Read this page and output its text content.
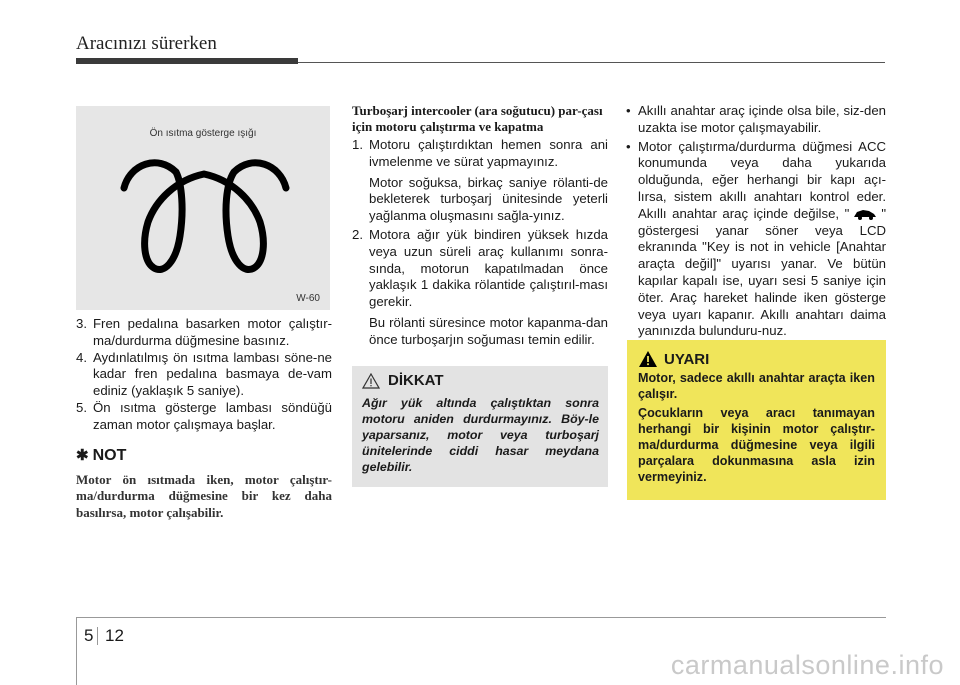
Aracınızı sürerken
Ön ısıtma gösterge ışığı
W-60
3. Fren pedalına basarken motor çalıştır-ma/durdurma düğmesine basınız.
4. Aydınlatılmış ön ısıtma lambası söne-ne kadar fren pedalına basmaya de-vam ediniz (yaklaşık 5 saniye).
5. Ön ısıtma gösterge lambası söndüğü zaman motor çalışmaya başlar.
✱ NOT
Motor ön ısıtmada iken, motor çalıştır-ma/durdurma düğmesine bir kez daha basılırsa, motor çalışabilir.
Turboşarj intercooler (ara soğutucu) par-çası için motoru çalıştırma ve kapatma
1. Motoru çalıştırdıktan hemen sonra ani ivmelenme ve sürat yapmayınız.
Motor soğuksa, birkaç saniye rölanti-de bekleterek turboşarj ünitesinde yeterli yağlanma oluşmasını sağla-yınız.
2. Motora ağır yük bindiren yüksek hızda veya uzun süreli araç kullanımı sonra-sında, motorun kapatılmadan önce yaklaşık 1 dakika rölantide çalıştırıl-ması gerekir.
Bu rölanti süresince motor kapanma-dan önce turboşarjın soğuması temin edilir.
DİKKAT
Ağır yük altında çalıştıktan sonra motoru aniden durdurmayınız. Böy-le yaparsanız, motor veya turboşarj ünitelerinde ciddi hasar meydana gelebilir.
• Akıllı anahtar araç içinde olsa bile, siz-den uzakta ise motor çalışmayabilir.
• Motor çalıştırma/durdurma düğmesi ACC konumunda veya daha yukarıda olduğunda, eğer herhangi bir kapı açı-lırsa, sistem akıllı anahtarı kontrol eder. Akıllı anahtar araç içinde değilse, " " göstergesi yanar söner veya LCD ekranında "Key is not in vehicle [Anahtar araçta değil]" uyarısı yanar. Ve bütün kapılar kapalı ise, uyarı sesi 5 saniye için öter. Araç hareket halinde iken gösterge veya uyarı kapanır. Akıllı anahtarı daima yanınızda bulunduru-nuz.
UYARI

Motor, sadece akıllı anahtar araçta iken çalışır.

Çocukların veya aracı tanımayan herhangi bir kişinin motor çalıştır-ma/durdurma düğmesine veya ilgili parçalara dokunmasına asla izin vermeyiniz.

5 12
carmanualsonline.info
